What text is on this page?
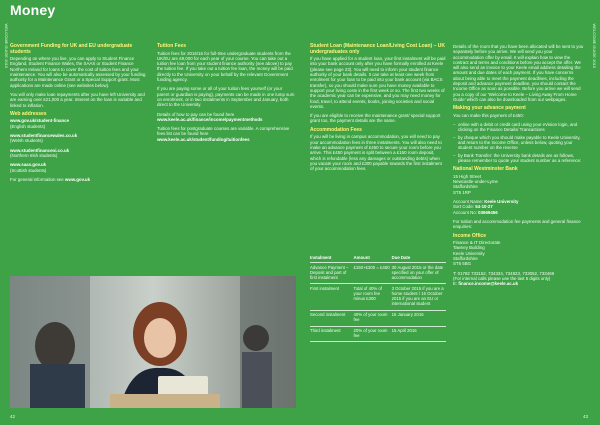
WELCOME GUIDE 2015	WELCOME GUIDE 2015
Money
Government Funding for UK and EU undergraduate students

Depending on where you live, you can apply to Student Finance England, Student Finance Wales, the SAAS or Student Finance Northern Ireland for loans to cover the cost of tuition fees and your maintenance. You will also be automatically assessed by your funding authority for a Maintenance Grant or a Special Support grant. Most applications are made online (see websites below).

You will only make loan repayments after you have left University and are earning over £21,000 a year. Interest on the loan is variable and linked to inflation.

Web addresses

www.gov.uk/student-finance
(English students)

www.studentfinancewales.co.uk
(Welsh students)

www.studentfinanceni.co.uk
(Northern Irish students)

www.saas.gov.uk
(Scottish students)

For general information see www.gov.uk

Tuition Fees

Tuition fees for 2015/16 for full-time undergraduate students from the UK/EU are £9,000 for each year of your course. You can take out a tuition fee loan from your student finance authority (see above) to pay the tuition fee. If you take out a tuition fee loan, the money will be paid directly to the University on your behalf by the relevant Government funding agency.

If you are paying some or all of your tuition fees yourself (or your parent or guardian is paying), payments can be made in one lump sum on enrolment, or in two instalments in September and January, both direct to the University.

Details of how to pay can be found here www.keele.ac.uk/finance/income/paymentmethods

Tuition fees for postgraduate courses are variable. A comprehensive fees list can be found here www.keele.ac.uk/student/funding/tuitionfees

Student Loan (Maintenance Loan/Living Cost Loan) – UK undergraduates only

If you have applied for a student loan, your first instalment will be paid into your bank account only after you have formally enrolled at Keele (please see page 23). You will need to inform your student finance authority of your bank details. It can take at least one week from enrolment for your loan to be paid into your bank account (via BACS transfer), so you should make sure you have money available to support your living costs in the first week or so. The first two weeks of the academic year can be expensive, and you may need money for food, travel, to attend events, books, joining societies and social events.

If you are eligible to receive the maintenance grant/ special support grant too, the payment details are the same.

Accommodation Fees

If you will be living in campus accommodation, you will need to pay your accommodation fees in three instalments. You will also need to make an advance payment of £450 to secure your room before you arrive. This £450 payment is split between a £150 room deposit, which is refundable (less any damages or outstanding debts) when you vacate your room and £300 payable towards the first instalment of your accommodation fees.

Instalment	Amount	Due Date
Advance Payment – Deposit and part of first instalment	£150+£300 = £450	30 August 2015 or the date specified on your offer of accommodation
First instalment	Total of 40% of your room fee minus £300	3 October 2015 if you are a home student / 16 October 2015 if you are an EU or international student
Second instalment	40% of your room fee	15 January 2016
Third instalment	20% of your room fee	15 April 2016

Details of the room that you have been allocated will be sent to you separately before you arrive. We will send you your accommodation offer by email. It will explain how to view the contract and terms and conditions before you accept the offer. We will also send an invoice to your Keele email address detailing the amount and due dates of each payment. If you have concerns about being able to meet the payment deadlines, including the deposit and advance payment deadline, you should contact the Income Office as soon as possible. Before you arrive we will send you a copy of our 'Welcome to Keele – Living Away From Home Guide' which can also be downloaded from our webpages.

Making your advance payment

You can make this payment of £450:

– online with a debit or credit card using your eVision login, and clicking on the Finance Details/ Transactions
– by cheque which you should make payable to Keele University, and return to the Income Office, unless below, quoting your student number on the reverse
– by Bank Transfer: the University bank details are as follows, please remember to quote your student number as a reference:
National Westminster Bank

15 High Street
Newcastle-under-Lyme
Staffordshire
ST5 1RP

Account Name: Keele University
Sort Code: 54-10-27
Account No: 03669456

For tuition and accommodation fee payments and general finance enquiries:

Income Office

Finance & IT Directorate
Tawney Building
Keele University
Staffordshire
ST5 5BG

T: 01782 733152, 734334, 734823, 733052, 733469
(For internal calls please use the last 5 digits only)
E: finance.income@keele.ac.uk

42	43
